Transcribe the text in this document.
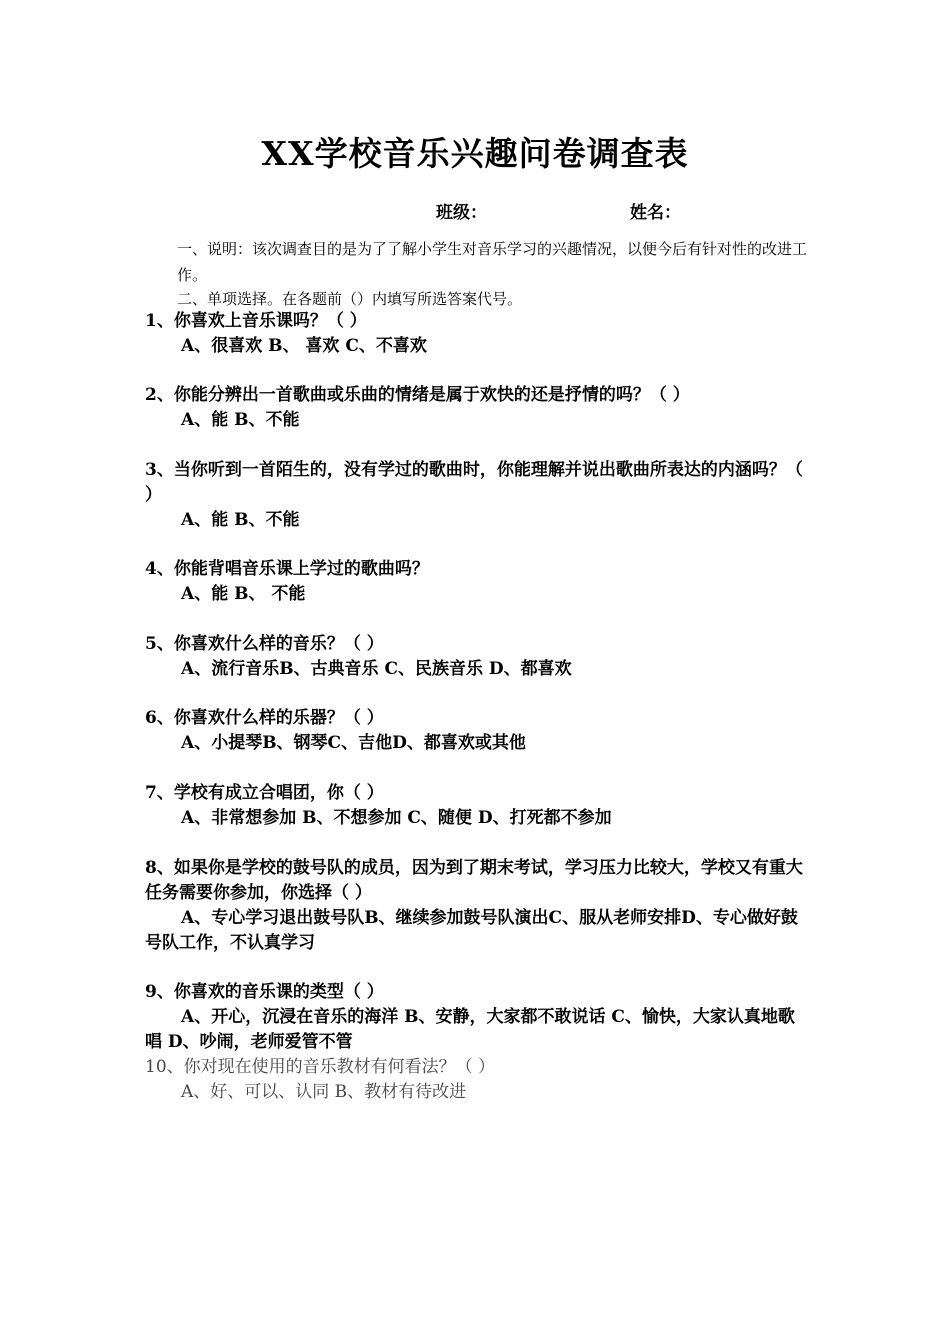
XX学校音乐兴趣问卷调查表
班级：	姓名：
一、说明：该次调查目的是为了了解小学生对音乐学习的兴趣情况，以便今后有针对性的改进工作。
二、单项选择。在各题前（）内填写所选答案代号。
1、你喜欢上音乐课吗？（ ）
A、很喜欢 B、 喜欢 C、不喜欢
2、你能分辨出一首歌曲或乐曲的情绪是属于欢快的还是抒情的吗？（ ）
A、能 B、不能
3、当你听到一首陌生的，没有学过的歌曲时，你能理解并说出歌曲所表达的内涵吗？（ ）
A、能 B、不能
4、你能背唱音乐课上学过的歌曲吗？
A、能 B、 不能
5、你喜欢什么样的音乐？（ ）
A、流行音乐B、古典音乐 C、民族音乐 D、都喜欢
6、你喜欢什么样的乐器？（ ）
A、小提琴B、钢琴C、吉他D、都喜欢或其他
7、学校有成立合唱团，你（ ）
A、非常想参加 B、不想参加 C、随便 D、打死都不参加
8、如果你是学校的鼓号队的成员，因为到了期末考试，学习压力比较大，学校又有重大任务需要你参加，你选择（ ）
A、专心学习退出鼓号队B、继续参加鼓号队演出C、服从老师安排D、专心做好鼓号队工作，不认真学习
9、你喜欢的音乐课的类型（ ）
A、开心，沉浸在音乐的海洋 B、安静，大家都不敢说话 C、愉快，大家认真地歌唱 D、吵闹，老师爱管不管
10、你对现在使用的音乐教材有何看法？（ ）
A、好、可以、认同 B、教材有待改进
